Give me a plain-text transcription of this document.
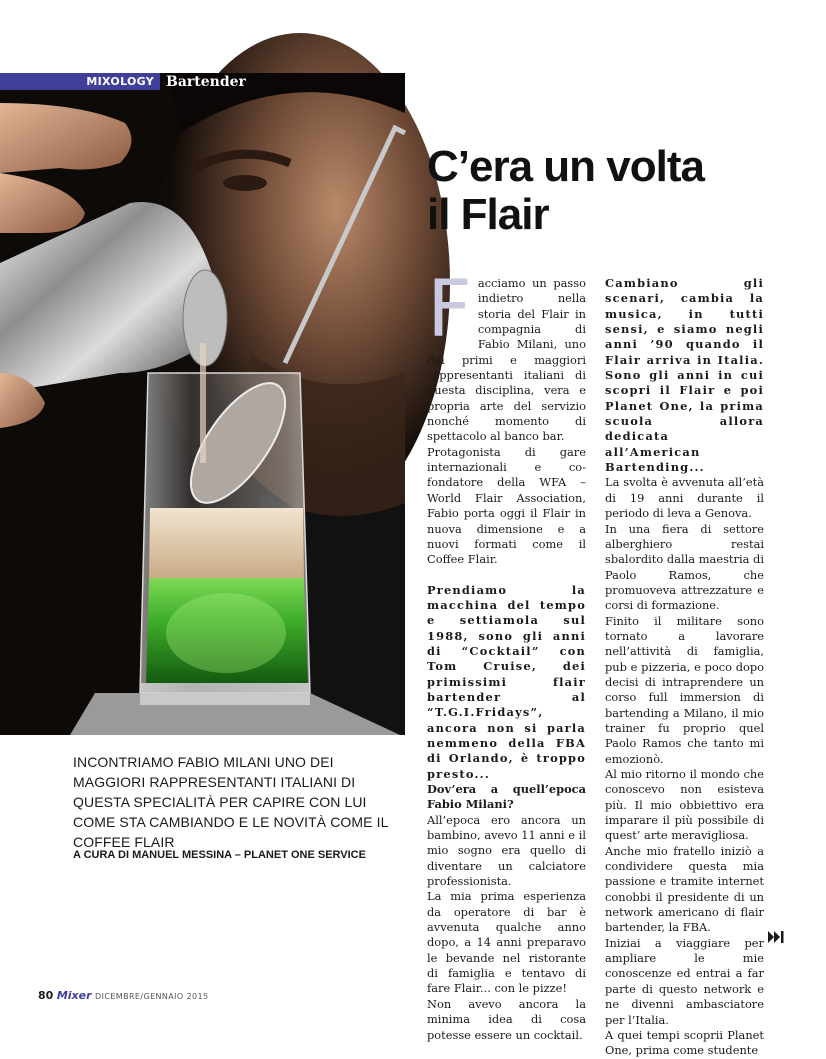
MIXOLOGY Bartender
C’era un volta
il Flair
F acciamo un passo indietro nella storia del Flair in compagnia di Fabio Milani, uno dei primi e maggiori rappresentanti italiani di questa disciplina, vera e propria arte del servizio nonché momento di spettacolo al banco bar.

Protagonista di gare internazionali e co-fondatore della WFA – World Flair Association, Fabio porta oggi il Flair in nuova dimensione e a nuovi formati come il Coffee Flair.

Prendiamo la macchina del tempo e settiamola sul 1988, sono gli anni di “Cocktail” con Tom Cruise, dei primissimi flair bartender al “T.G.I.Fridays”, ancora non si parla nemmeno della FBA di Orlando, è troppo presto...

Dov’era a quell’epoca Fabio Milani?

All’epoca ero ancora un bambino, avevo 11 anni e il mio sogno era quello di diventare un calciatore professionista.

La mia prima esperienza da operatore di bar è avvenuta qualche anno dopo, a 14 anni preparavo le bevande nel ristorante di famiglia e tentavo di fare Flair... con le pizze!

Non avevo ancora la minima idea di cosa potesse essere un cocktail.

Cambiano gli scenari, cambia la musica, in tutti sensi, e siamo negli anni ’90 quando il Flair arriva in Italia. Sono gli anni in cui scopri il Flair e poi Planet One, la prima scuola allora dedicata all’American Bartending...

La svolta è avvenuta all’età di 19 anni durante il periodo di leva a Genova.

In una fiera di settore alberghiero restai sbalordito dalla maestria di Paolo Ramos, che promuoveva attrezzature e corsi di formazione.

Finito il militare sono tornato a lavorare nell’attività di famiglia, pub e pizzeria, e poco dopo decisi di intraprendere un corso full immersion di bartending a Milano, il mio trainer fu proprio quel Paolo Ramos che tanto mi emozionò.

Al mio ritorno il mondo che conoscevo non esisteva più. Il mio obbiettivo era imparare il più possibile di quest’ arte meravigliosa.

Anche mio fratello iniziò a condividere questa mia passione e tramite internet conobbi il presidente di un network americano di flair bartender, la FBA.

Iniziai a viaggiare per ampliare le mie conoscenze ed entrai a far parte di questo network e ne divenni ambasciatore per l’Italia.

A quei tempi scoprii Planet One, prima come studente

INCONTRIAMO FABIO MILANI UNO DEI MAGGIORI RAPPRESENTANTI ITALIANI DI QUESTA SPECIALITÀ PER CAPIRE CON LUI COME STA CAMBIANDO E LE NOVITÀ COME IL COFFEE FLAIR
A CURA DI MANUEL MESSINA – PLANET ONE SERVICE
80 Mixer DICEMBRE/GENNAIO 2015
